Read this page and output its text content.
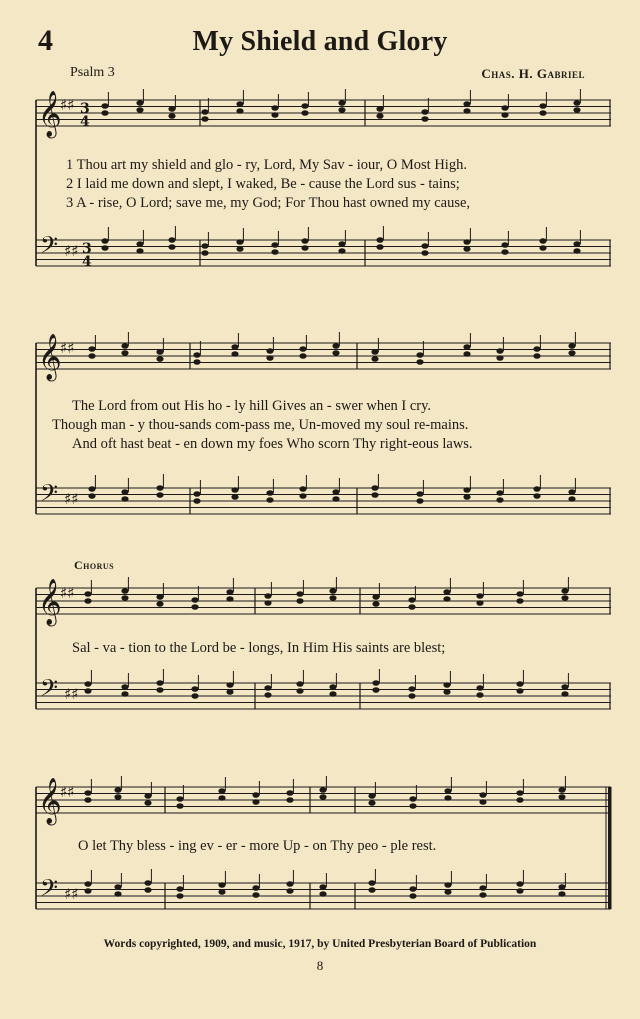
𝄞
𝄢
♯♯
♯♯
3
4
3
4
𝄞
𝄢
♯♯
♯♯
𝄞
𝄢
♯♯
♯♯
𝄞
𝄢
♯♯
♯♯
4	My Shield and Glory
Psalm 3	Chas. H. Gabriel
1 Thou art my shield and glo - ry, Lord, My Sav - iour, O Most High.
2 I laid me down and slept, I waked, Be - cause the Lord sus - tains;
3 A - rise, O Lord; save me, my God; For Thou hast owned my cause,
The Lord from out His ho - ly hill Gives an - swer when I cry.
Though man - y thou-sands com-pass me, Un-moved my soul re-mains.
And oft hast beat - en down my foes Who scorn Thy right-eous laws.
Chorus
Sal - va - tion to the Lord be - longs, In Him His saints are blest;
O let Thy bless - ing ev - er - more Up - on Thy peo - ple rest.
Words copyrighted, 1909, and music, 1917, by United Presbyterian Board of Publication
8
